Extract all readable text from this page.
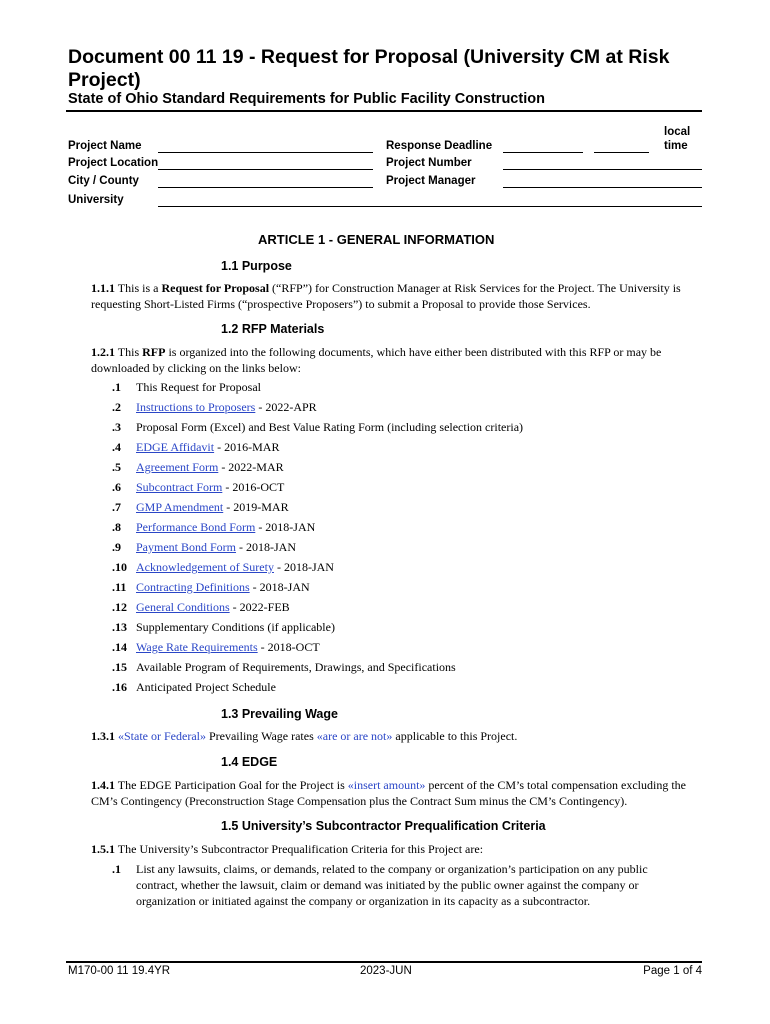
Document 00 11 19 - Request for Proposal (University CM at Risk Project)
State of Ohio Standard Requirements for Public Facility Construction
Project Name
Project Location
City / County
University
Response Deadline
local
time
Project Number
Project Manager
ARTICLE 1 - GENERAL INFORMATION
1.1 Purpose
1.1.1 This is a Request for Proposal (“RFP”) for Construction Manager at Risk Services for the Project. The University is requesting Short-Listed Firms (“prospective Proposers”) to submit a Proposal to provide those Services.
1.2 RFP Materials
1.2.1 This RFP is organized into the following documents, which have either been distributed with this RFP or may be downloaded by clicking on the links below:
.1 This Request for Proposal
.2 Instructions to Proposers - 2022-APR
.3 Proposal Form (Excel) and Best Value Rating Form (including selection criteria)
.4 EDGE Affidavit - 2016-MAR
.5 Agreement Form - 2022-MAR
.6 Subcontract Form - 2016-OCT
.7 GMP Amendment - 2019-MAR
.8 Performance Bond Form - 2018-JAN
.9 Payment Bond Form - 2018-JAN
.10 Acknowledgement of Surety - 2018-JAN
.11 Contracting Definitions - 2018-JAN
.12 General Conditions - 2022-FEB
.13 Supplementary Conditions (if applicable)
.14 Wage Rate Requirements - 2018-OCT
.15 Available Program of Requirements, Drawings, and Specifications
.16 Anticipated Project Schedule
1.3 Prevailing Wage
1.3.1 «State or Federal» Prevailing Wage rates «are or are not» applicable to this Project.
1.4 EDGE
1.4.1 The EDGE Participation Goal for the Project is «insert amount» percent of the CM’s total compensation excluding the CM’s Contingency (Preconstruction Stage Compensation plus the Contract Sum minus the CM’s Contingency).
1.5 University’s Subcontractor Prequalification Criteria
1.5.1 The University’s Subcontractor Prequalification Criteria for this Project are:
.1 List any lawsuits, claims, or demands, related to the company or organization’s participation on any public contract, whether the lawsuit, claim or demand was initiated by the public owner against the company or organization or initiated against the company or organization in its capacity as a subcontractor.
M170-00 11 19.4YR	2023-JUN	Page 1 of 4
